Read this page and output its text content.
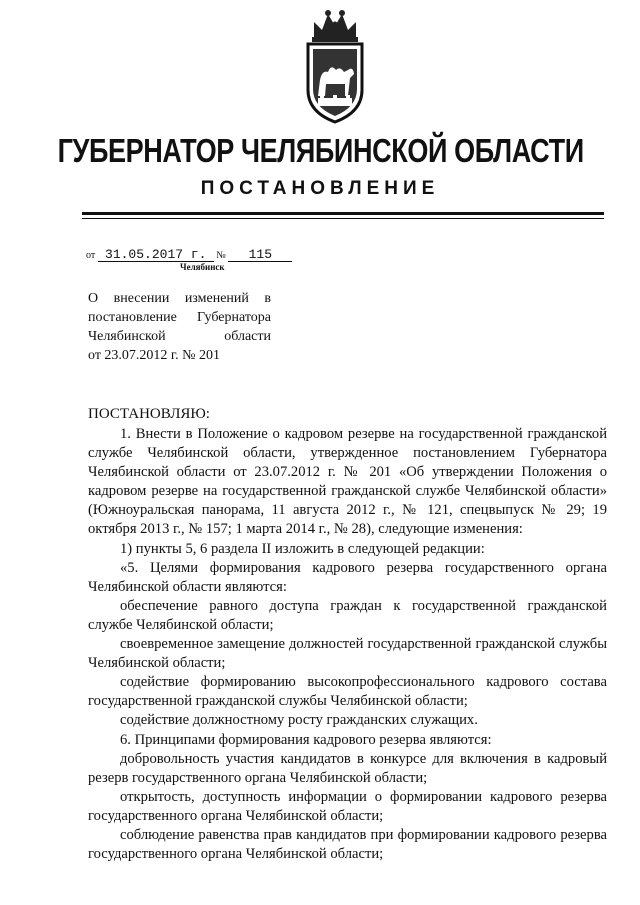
ГУБЕРНАТОР ЧЕЛЯБИНСКОЙ ОБЛАСТИ
ПОСТАНОВЛЕНИЕ
от 31.05.2017 г. № 115
Челябинск
О внесении изменений в
постановление Губернатора
Челябинской области
от 23.07.2012 г. № 201
ПОСТАНОВЛЯЮ:

1. Внести в Положение о кадровом резерве на государственной гражданской службе Челябинской области, утвержденное постановлением Губернатора Челябинской области от 23.07.2012 г. № 201 «Об утверждении Положения о кадровом резерве на государственной гражданской службе Челябинской области» (Южноуральская панорама, 11 августа 2012 г., № 121, спецвыпуск № 29; 19 октября 2013 г., № 157; 1 марта 2014 г., № 28), следующие изменения:

1) пункты 5, 6 раздела II изложить в следующей редакции:

«5. Целями формирования кадрового резерва государственного органа Челябинской области являются:

обеспечение равного доступа граждан к государственной гражданской службе Челябинской области;

своевременное замещение должностей государственной гражданской службы Челябинской области;

содействие формированию высокопрофессионального кадрового состава государственной гражданской службы Челябинской области;

содействие должностному росту гражданских служащих.

6. Принципами формирования кадрового резерва являются:

добровольность участия кандидатов в конкурсе для включения в кадровый резерв государственного органа Челябинской области;

открытость, доступность информации о формировании кадрового резерва государственного органа Челябинской области;

соблюдение равенства прав кандидатов при формировании кадрового резерва государственного органа Челябинской области;
